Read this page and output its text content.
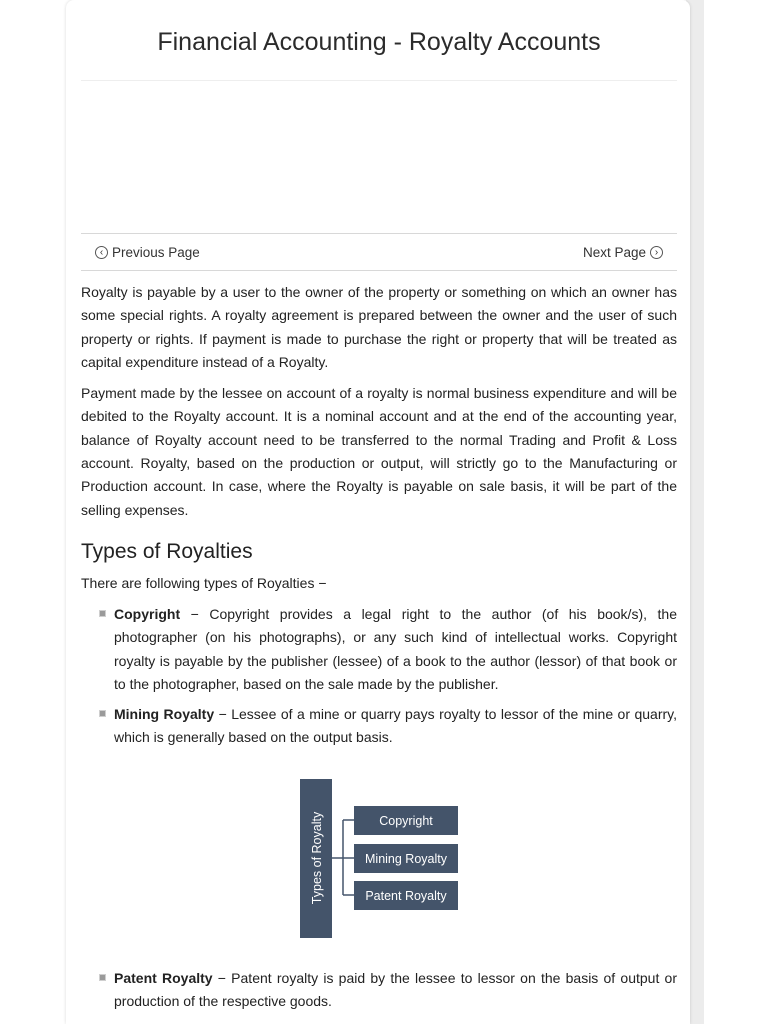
Financial Accounting - Royalty Accounts
‹ Previous Page	Next Page ›

Royalty is payable by a user to the owner of the property or something on which an owner has some special rights. A royalty agreement is prepared between the owner and the user of such property or rights. If payment is made to purchase the right or property that will be treated as capital expenditure instead of a Royalty.

Payment made by the lessee on account of a royalty is normal business expenditure and will be debited to the Royalty account. It is a nominal account and at the end of the accounting year, balance of Royalty account need to be transferred to the normal Trading and Profit & Loss account. Royalty, based on the production or output, will strictly go to the Manufacturing or Production account. In case, where the Royalty is payable on sale basis, it will be part of the selling expenses.

Types of Royalties

There are following types of Royalties −

Copyright − Copyright provides a legal right to the author (of his book/s), the photographer (on his photographs), or any such kind of intellectual works. Copyright royalty is payable by the publisher (lessee) of a book to the author (lessor) of that book or to the photographer, based on the sale made by the publisher.
Mining Royalty − Lessee of a mine or quarry pays royalty to lessor of the mine or quarry, which is generally based on the output basis.
Types of Royalty	Copyright
Mining Royalty
Patent Royalty
Patent Royalty − Patent royalty is paid by the lessee to lessor on the basis of output or production of the respective goods.
